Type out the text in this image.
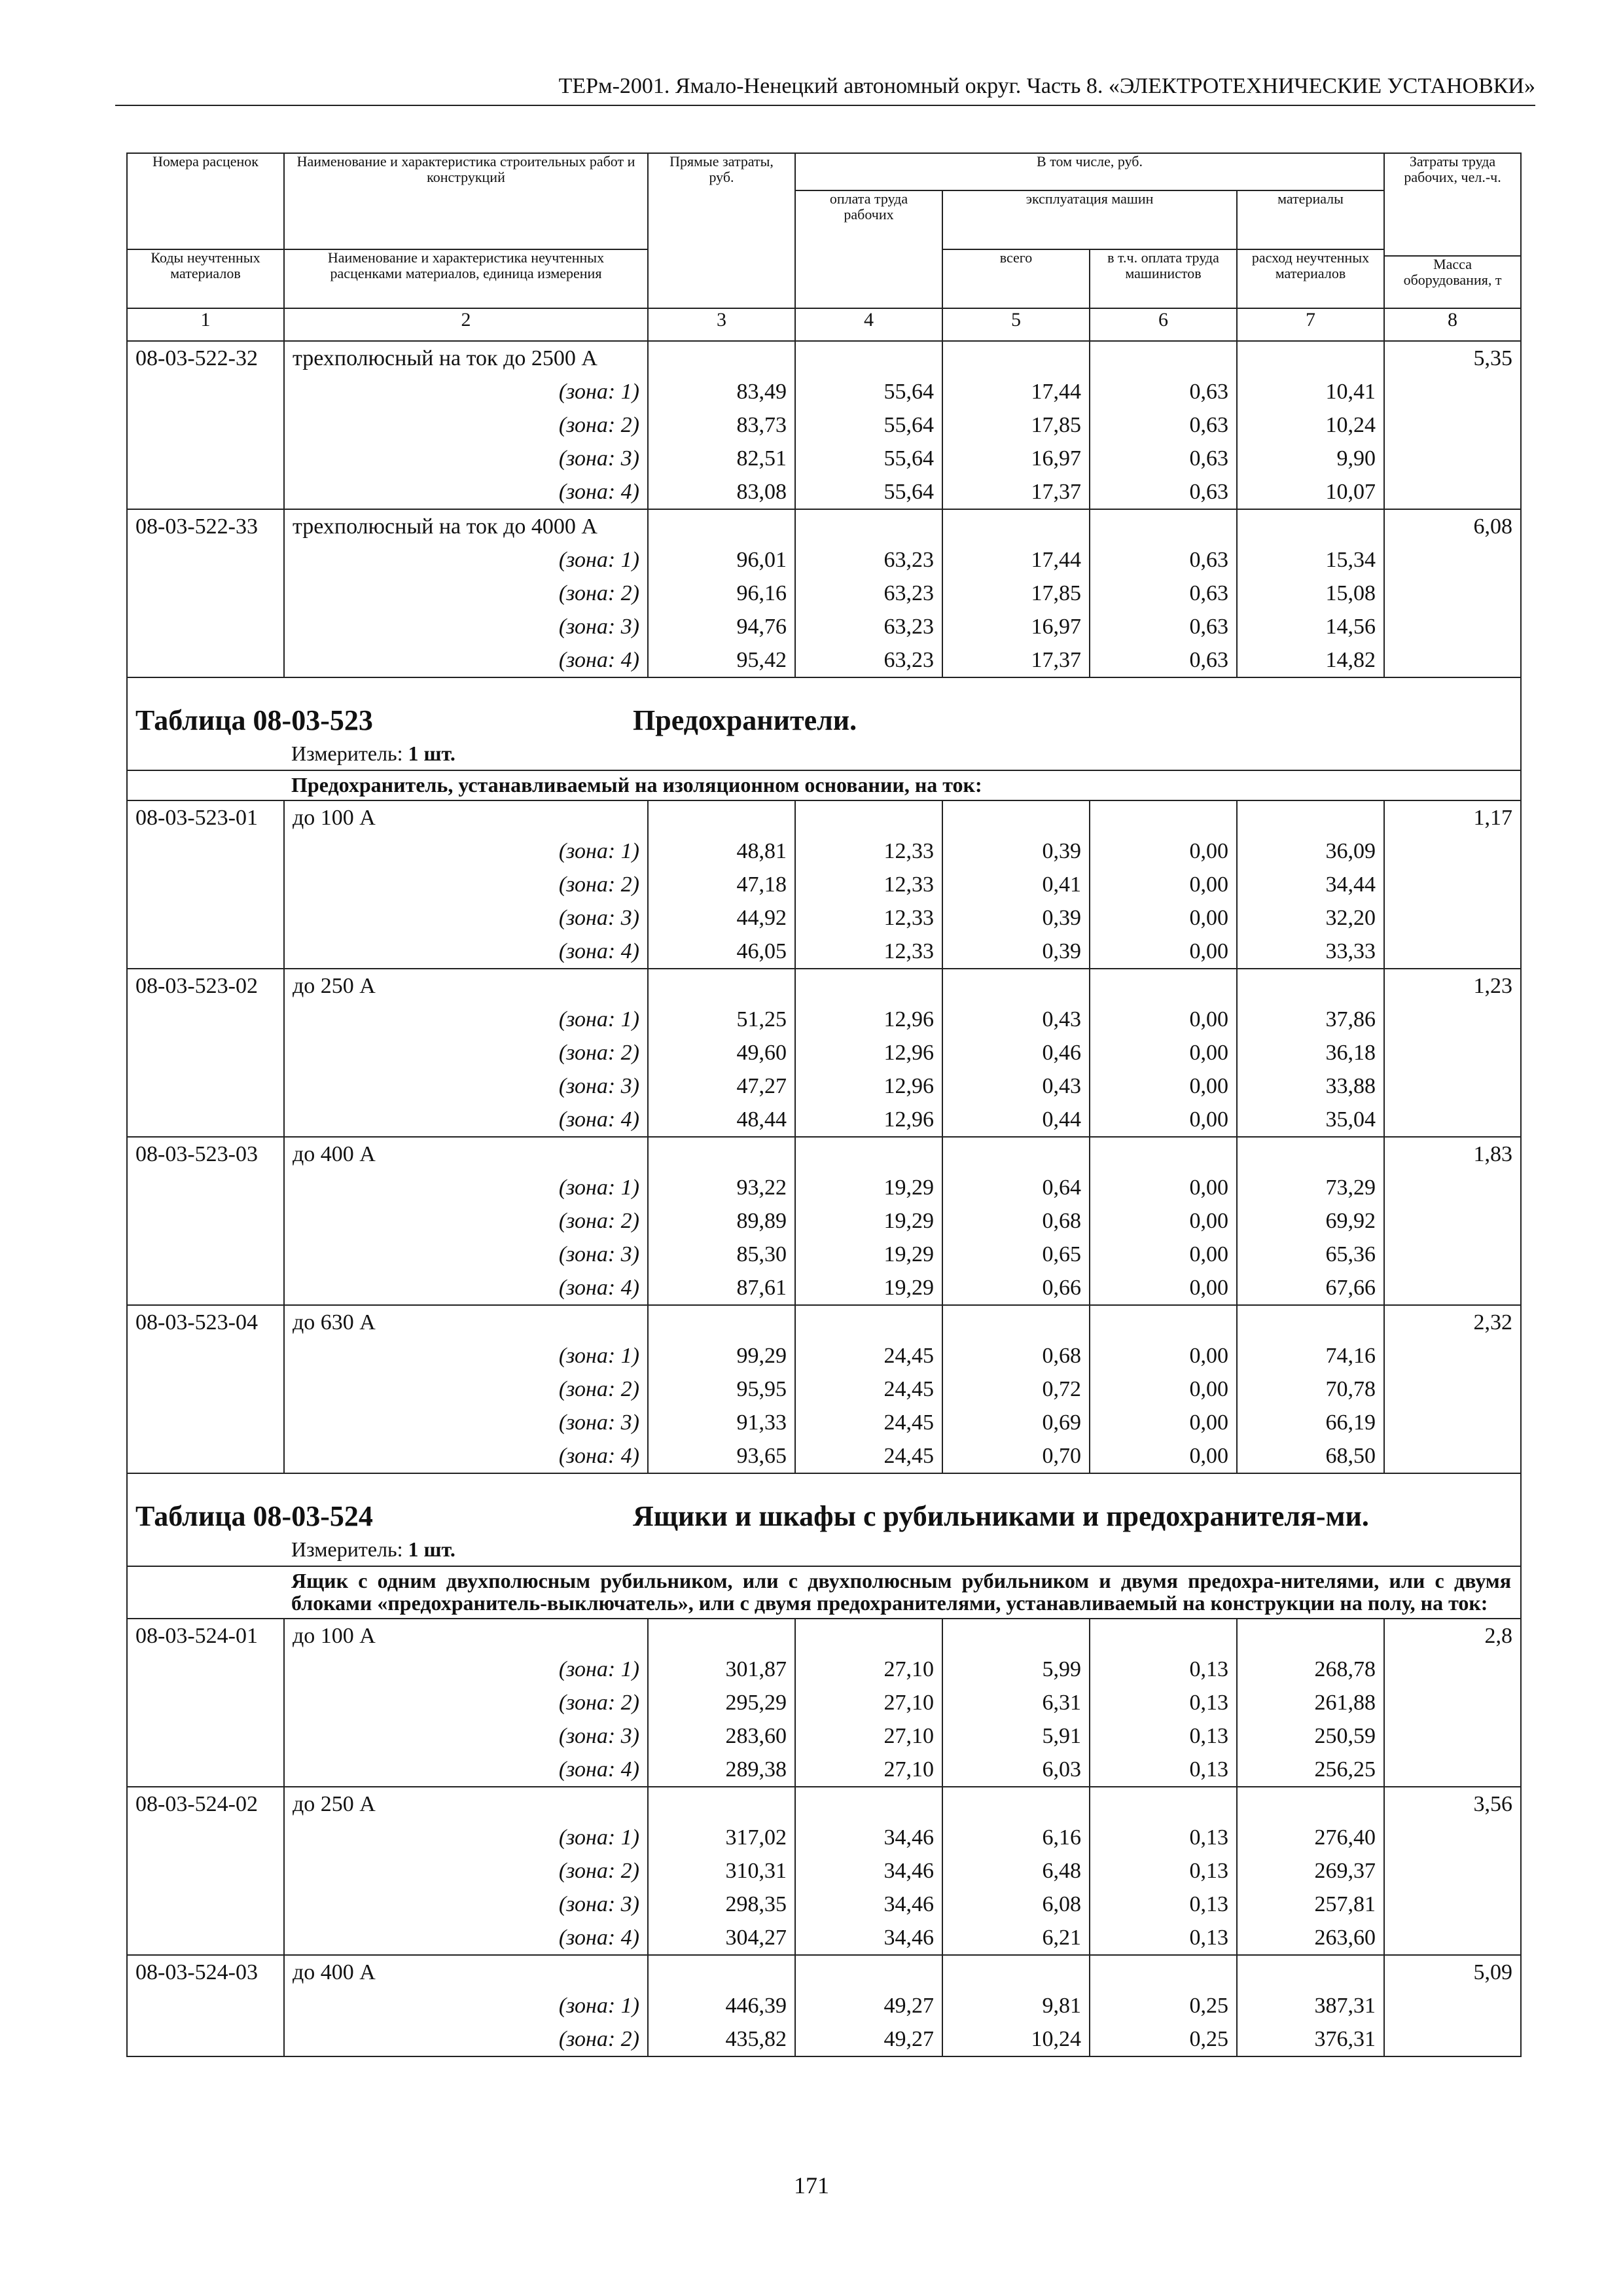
ТЕРм-2001. Ямало-Ненецкий автономный округ. Часть 8. «ЭЛЕКТРОТЕХНИЧЕСКИЕ УСТАНОВКИ»
Номера расценок	Наименование и характеристика строительных работ и конструкций	Прямые затраты, руб.	В том числе, руб.				Затраты труда рабочих, чел.-ч.
			оплата труда рабочих	эксплуатация машин		материалы	
Коды неучтенных материалов	Наименование и характеристика неучтенных расценками материалов, единица измерения			всего	в т.ч. оплата труда машинистов	расход неучтенных материалов	
							Масса оборудования, т
1	2	3	4	5	6	7	8
08-03-522-32	трехполюсный на ток до 2500 А						5,35
	(зона: 1)	83,49	55,64	17,44	0,63	10,41	
	(зона: 2)	83,73	55,64	17,85	0,63	10,24	
	(зона: 3)	82,51	55,64	16,97	0,63	9,90	
	(зона: 4)	83,08	55,64	17,37	0,63	10,07	
08-03-522-33	трехполюсный на ток до 4000 А						6,08
	(зона: 1)	96,01	63,23	17,44	0,63	15,34	
	(зона: 2)	96,16	63,23	17,85	0,63	15,08	
	(зона: 3)	94,76	63,23	16,97	0,63	14,56	
	(зона: 4)	95,42	63,23	17,37	0,63	14,82	
Таблица 08-03-523 Предохранители.							
Измеритель: 1 шт.							
Предохранитель, устанавливаемый на изоляционном основании, на ток:							
08-03-523-01	до 100 А						1,17
	(зона: 1)	48,81	12,33	0,39	0,00	36,09	
	(зона: 2)	47,18	12,33	0,41	0,00	34,44	
	(зона: 3)	44,92	12,33	0,39	0,00	32,20	
	(зона: 4)	46,05	12,33	0,39	0,00	33,33	
08-03-523-02	до 250 А						1,23
	(зона: 1)	51,25	12,96	0,43	0,00	37,86	
	(зона: 2)	49,60	12,96	0,46	0,00	36,18	
	(зона: 3)	47,27	12,96	0,43	0,00	33,88	
	(зона: 4)	48,44	12,96	0,44	0,00	35,04	
08-03-523-03	до 400 А						1,83
	(зона: 1)	93,22	19,29	0,64	0,00	73,29	
	(зона: 2)	89,89	19,29	0,68	0,00	69,92	
	(зона: 3)	85,30	19,29	0,65	0,00	65,36	
	(зона: 4)	87,61	19,29	0,66	0,00	67,66	
08-03-523-04	до 630 А						2,32
	(зона: 1)	99,29	24,45	0,68	0,00	74,16	
	(зона: 2)	95,95	24,45	0,72	0,00	70,78	
	(зона: 3)	91,33	24,45	0,69	0,00	66,19	
	(зона: 4)	93,65	24,45	0,70	0,00	68,50	
Таблица 08-03-524 Ящики и шкафы с рубильниками и предохранителя-ми.							
Измеритель: 1 шт.							
Ящик с одним двухполюсным рубильником, или с двухполюсным рубильником и двумя предохра-нителями, или с двумя блоками «предохранитель-выключатель», или с двумя предохранителями, устанавливаемый на конструкции на полу, на ток:							
08-03-524-01	до 100 А						2,8
	(зона: 1)	301,87	27,10	5,99	0,13	268,78	
	(зона: 2)	295,29	27,10	6,31	0,13	261,88	
	(зона: 3)	283,60	27,10	5,91	0,13	250,59	
	(зона: 4)	289,38	27,10	6,03	0,13	256,25	
08-03-524-02	до 250 А						3,56
	(зона: 1)	317,02	34,46	6,16	0,13	276,40	
	(зона: 2)	310,31	34,46	6,48	0,13	269,37	
	(зона: 3)	298,35	34,46	6,08	0,13	257,81	
	(зона: 4)	304,27	34,46	6,21	0,13	263,60	
08-03-524-03	до 400 А						5,09
	(зона: 1)	446,39	49,27	9,81	0,25	387,31	
	(зона: 2)	435,82	49,27	10,24	0,25	376,31	
171
